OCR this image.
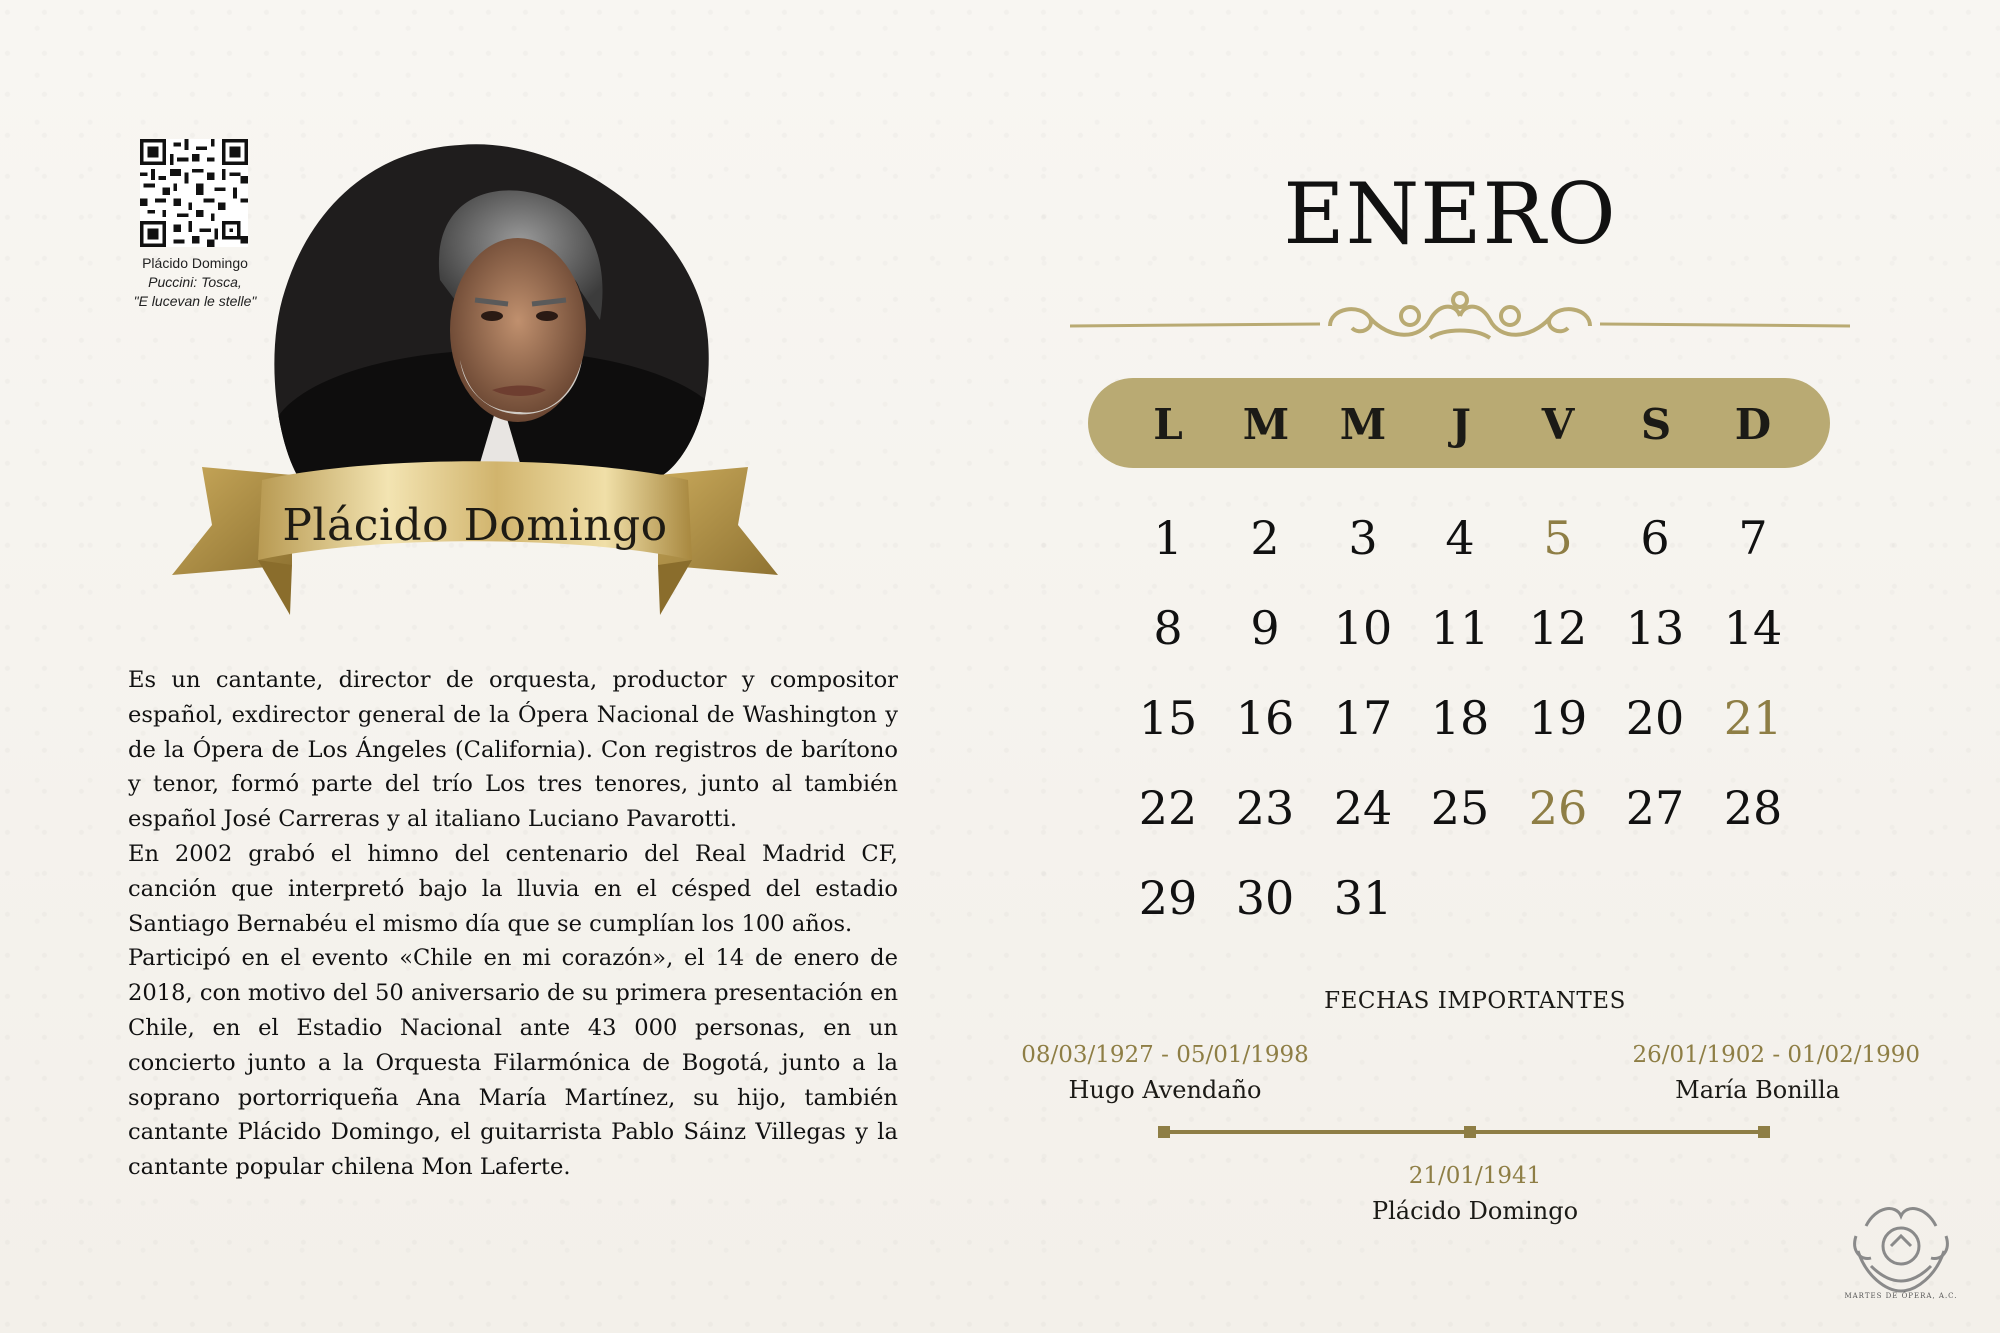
Plácido Domingo
Puccini: Tosca,
"E lucevan le stelle"
Plácido Domingo

Es un cantante, director de orquesta, productor y compositor español, exdirector general de la Ópera Nacional de Washington y de la Ópera de Los Ángeles (California). Con registros de barítono y tenor, formó parte del trío Los tres tenores, junto al también español José Carreras y al italiano Luciano Pavarotti.

En 2002 grabó el himno del centenario del Real Madrid CF, canción que interpretó bajo la lluvia en el césped del estadio Santiago Bernabéu el mismo día que se cumplían los 100 años.

Participó en el evento «Chile en mi corazón», el 14 de enero de 2018, con motivo del 50 aniversario de su primera presentación en Chile, en el Estadio Nacional ante 43 000 personas, en un concierto junto a la Orquesta Filarmónica de Bogotá, junto a la soprano portorriqueña Ana María Martínez, su hijo, también cantante Plácido Domingo, el guitarrista Pablo Sáinz Villegas y la cantante popular chilena Mon Laferte.

ENERO
L	M	M	J	V	S	D
1	2	3	4	5	6	7
8	9	10 11 12 13 14
15 16 17 18 19 20 21
22 23 24 25 26 27 28
29 30 31
FECHAS IMPORTANTES
08/03/1927 - 05/01/1998
Hugo Avendaño
26/01/1902 - 01/02/1990
María Bonilla
21/01/1941
Plácido Domingo
MARTES DE ÓPERA, A.C.
